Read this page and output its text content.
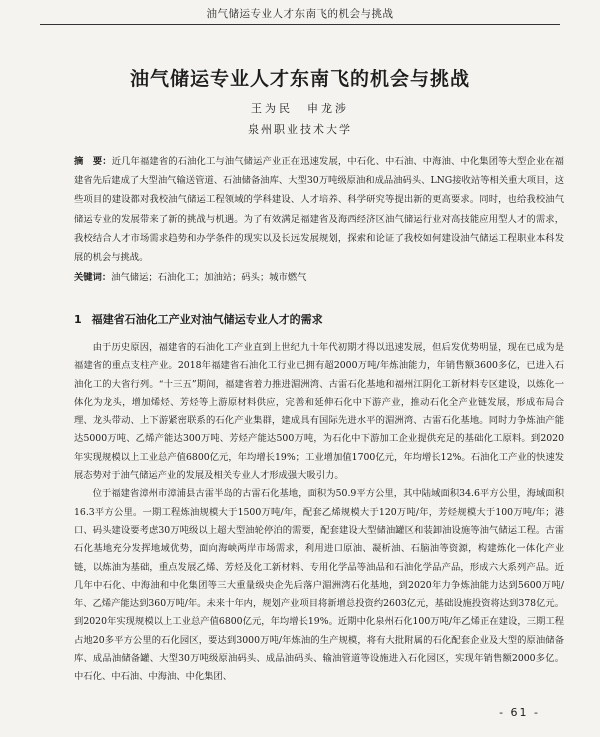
油气储运专业人才东南飞的机会与挑战
油气储运专业人才东南飞的机会与挑战
王为民　申龙涉
泉州职业技术大学
摘　要：近几年福建省的石油化工与油气储运产业正在迅速发展，中石化、中石油、中海油、中化集团等大型企业在福建省先后建成了大型油气输送管道、石油储备油库、大型30万吨级原油和成品油码头、LNG接收站等相关重大项目，这些项目的建设都对我校油气储运工程领域的学科建设、人才培养、科学研究等提出新的更高要求。同时，也给我校油气储运专业的发展带来了新的挑战与机遇。为了有效满足福建省及海西经济区油气储运行业对高技能应用型人才的需求，我校结合人才市场需求趋势和办学条件的现实以及长远发展规划，探索和论证了我校如何建设油气储运工程职业本科发展的机会与挑战。
关键词：油气储运；石油化工；加油站；码头；城市燃气
1 福建省石油化工产业对油气储运专业人才的需求

由于历史原因，福建省的石油化工产业直到上世纪九十年代初期才得以迅速发展，但后发优势明显，现在已成为是福建省的重点支柱产业。2018年福建省石油化工行业已拥有超2000万吨/年炼油能力，年销售额3600多亿，已进入石油化工的大省行列。“十三五”期间，福建省着力推进湄洲湾、古雷石化基地和福州江阴化工新材料专区建设，以炼化一体化为龙头，增加烯烃、芳烃等上游原材料供应，完善和延伸石化中下游产业，推动石化全产业链发展，形成布局合理、龙头带动、上下游紧密联系的石化产业集群，建成具有国际先进水平的湄洲湾、古雷石化基地。同时力争炼油产能达5000万吨、乙烯产能达300万吨、芳烃产能达500万吨，为石化中下游加工企业提供充足的基础化工原料。到2020年实现规模以上工业总产值6800亿元，年均增长19%；工业增加值1700亿元，年均增长12%。石油化工产业的快速发展态势对于油气储运产业的发展及相关专业人才形成强大吸引力。

位于福建省漳州市漳浦县古雷半岛的古雷石化基地，面积为50.9平方公里，其中陆域面积34.6平方公里，海域面积16.3平方公里。一期工程炼油规模大于1500万吨/年，配套乙烯规模大于120万吨/年，芳烃规模大于100万吨/年；港口、码头建设要考虑30万吨级以上超大型油轮停泊的需要，配套建设大型储油罐区和装卸油设施等油气储运工程。古雷石化基地充分发挥地域优势，面向海峡两岸市场需求，利用进口原油、凝析油、石脑油等资源，构建炼化一体化产业链，以炼油为基础，重点发展乙烯、芳烃及化工新材料、专用化学品等油品和石油化学品产品，形成六大系列产品。近几年中石化、中海油和中化集团等三大重量级央企先后落户湄洲湾石化基地，到2020年力争炼油能力达到5600万吨/年、乙烯产能达到360万吨/年。未来十年内，规划产业项目将新增总投资约2603亿元，基础设施投资将达到378亿元。到2020年实现规模以上工业总产值6800亿元，年均增长19%。近期中化泉州石化100万吨/年乙烯正在建设，三期工程占地20多平方公里的石化园区，要达到3000万吨/年炼油的生产规模，将有大批附属的石化配套企业及大型的原油储备库、成品油储备罐、大型30万吨级原油码头、成品油码头、输油管道等设施进入石化园区，实现年销售额2000多亿。中石化、中石油、中海油、中化集团、

- 61 -
